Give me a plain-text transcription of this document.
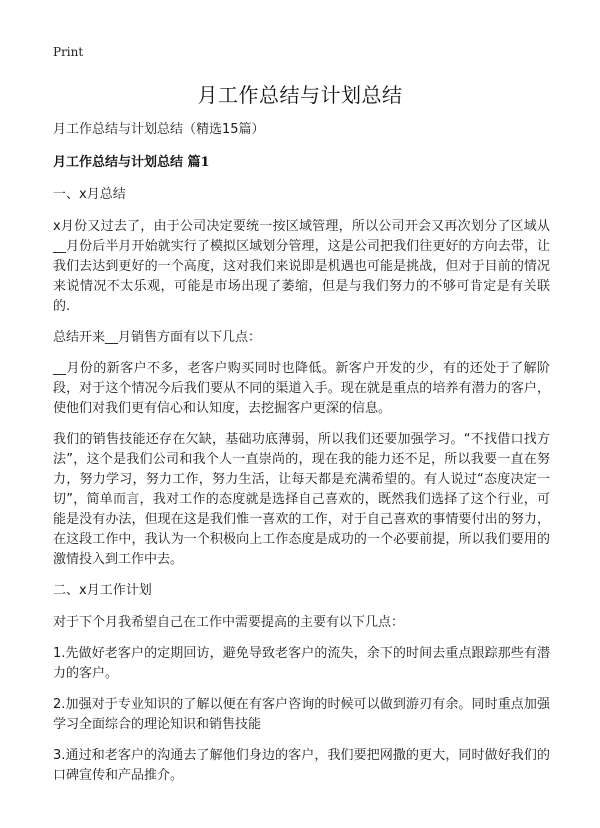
Print
月工作总结与计划总结

月工作总结与计划总结（精选15篇）

月工作总结与计划总结 篇1

一、x月总结

x月份又过去了，由于公司决定要统一按区域管理，所以公司开会又再次划分了区域从__月份后半月开始就实行了模拟区域划分管理，这是公司把我们往更好的方向去带，让我们去达到更好的一个高度，这对我们来说即是机遇也可能是挑战，但对于目前的情况来说情况不太乐观，可能是市场出现了萎缩，但是与我们努力的不够可肯定是有关联的.

总结开来__月销售方面有以下几点：

__月份的新客户不多，老客户购买同时也降低。新客户开发的少，有的还处于了解阶段，对于这个情况今后我们要从不同的渠道入手。现在就是重点的培养有潜力的客户，使他们对我们更有信心和认知度，去挖掘客户更深的信息。

我们的销售技能还存在欠缺，基础功底薄弱，所以我们还要加强学习。“不找借口找方法”，这个是我们公司和我个人一直崇尚的，现在我的能力还不足，所以我要一直在努力，努力学习，努力工作，努力生活，让每天都是充满希望的。有人说过“态度决定一切”，简单而言，我对工作的态度就是选择自己喜欢的，既然我们选择了这个行业，可能是没有办法，但现在这是我们惟一喜欢的工作，对于自己喜欢的事情要付出的努力，在这段工作中，我认为一个积极向上工作态度是成功的一个必要前提，所以我们要用的激情投入到工作中去。

二、x月工作计划

对于下个月我希望自己在工作中需要提高的主要有以下几点：

1.先做好老客户的定期回访，避免导致老客户的流失，余下的时间去重点跟踪那些有潜力的客户。

2.加强对于专业知识的了解以便在有客户咨询的时候可以做到游刃有余。同时重点加强学习全面综合的理论知识和销售技能

3.通过和老客户的沟通去了解他们身边的客户，我们要把网撒的更大，同时做好我们的口碑宣传和产品推介。
